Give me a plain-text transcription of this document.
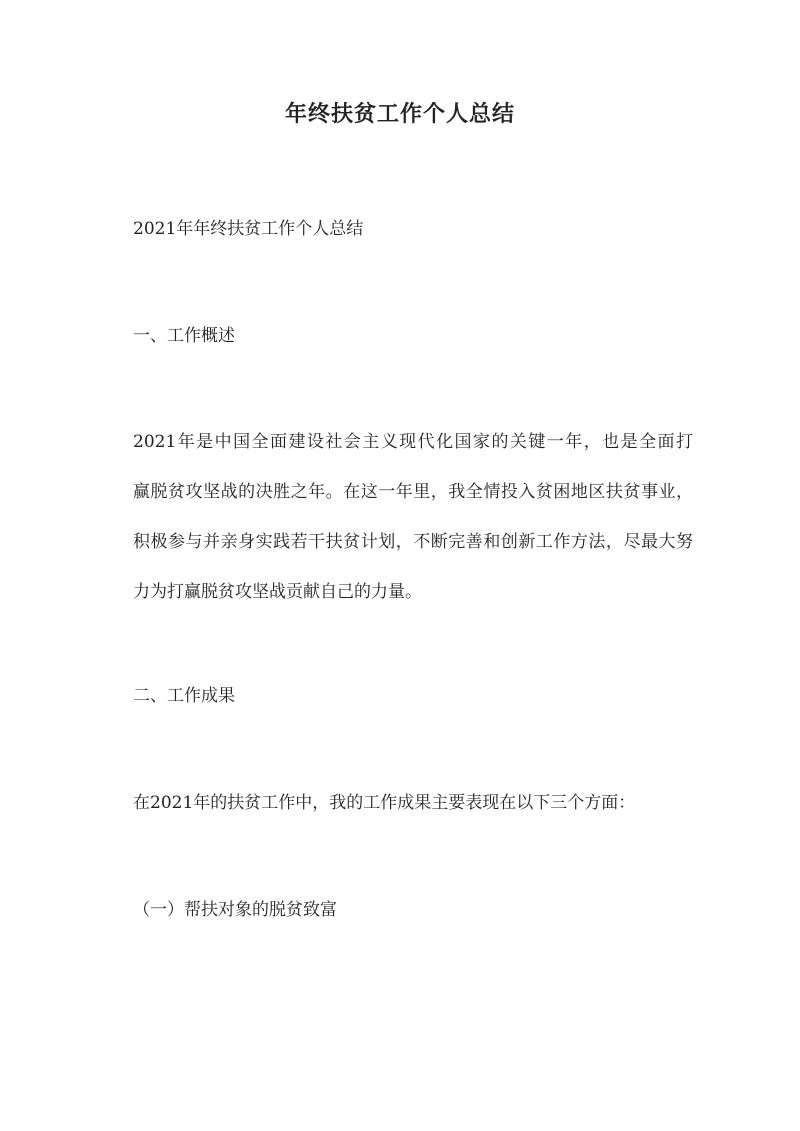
年终扶贫工作个人总结

2021年年终扶贫工作个人总结

一、工作概述

2021年是中国全面建设社会主义现代化国家的关键一年，也是全面打
赢脱贫攻坚战的决胜之年。在这一年里，我全情投入贫困地区扶贫事业，
积极参与并亲身实践若干扶贫计划，不断完善和创新工作方法，尽最大努
力为打赢脱贫攻坚战贡献自己的力量。

二、工作成果

在2021年的扶贫工作中，我的工作成果主要表现在以下三个方面：

（一）帮扶对象的脱贫致富
